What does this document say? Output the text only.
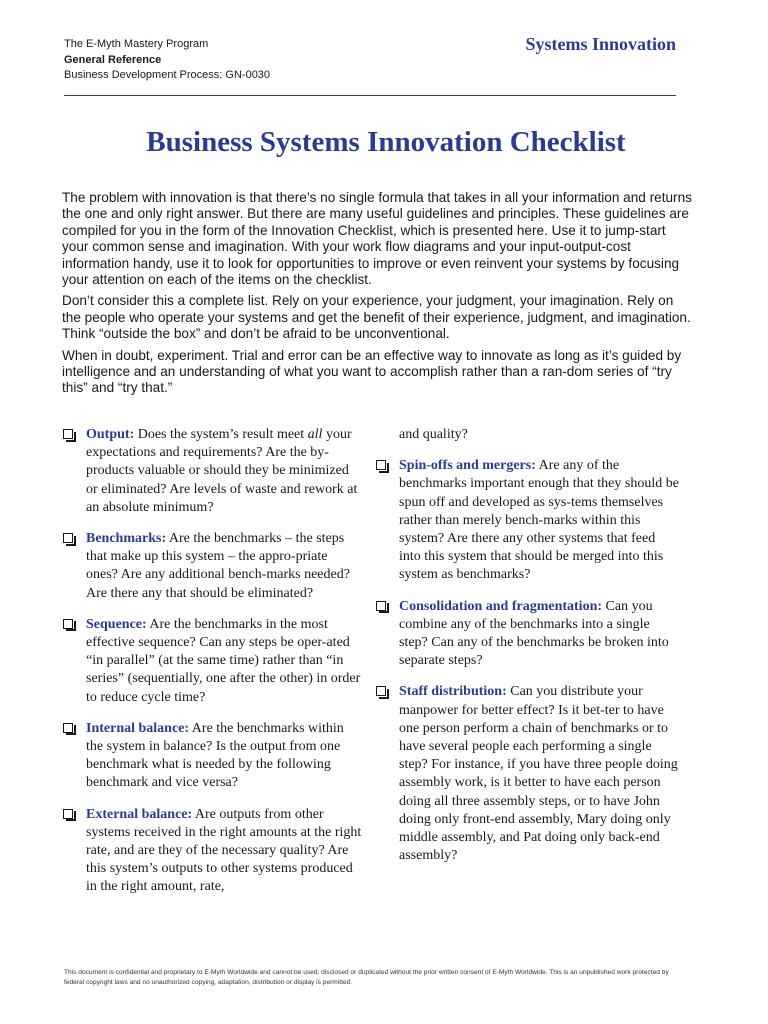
The E-Myth Mastery Program
General Reference
Business Development Process: GN-0030
Systems Innovation
Business Systems Innovation Checklist

The problem with innovation is that there’s no single formula that takes in all your information and returns the one and only right answer. But there are many useful guidelines and principles. These guidelines are compiled for you in the form of the Innovation Checklist, which is presented here. Use it to jump-start your common sense and imagination. With your work flow diagrams and your input-output-cost information handy, use it to look for opportunities to improve or even reinvent your systems by focusing your attention on each of the items on the checklist.

Don’t consider this a complete list. Rely on your experience, your judgment, your imagination. Rely on the people who operate your systems and get the benefit of their experience, judgment, and imagination. Think “outside the box” and don’t be afraid to be unconventional.

When in doubt, experiment. Trial and error can be an effective way to innovate as long as it’s guided by intelligence and an understanding of what you want to accomplish rather than a ran-dom series of “try this” and “try that.”

Output: Does the system’s result meet all your expectations and requirements? Are the by-products valuable or should they be minimized or eliminated? Are levels of waste and rework at an absolute minimum?
Benchmarks: Are the benchmarks – the steps that make up this system – the appro-priate ones? Are any additional bench-marks needed? Are there any that should be eliminated?
Sequence: Are the benchmarks in the most effective sequence? Can any steps be oper-ated “in parallel” (at the same time) rather than “in series” (sequentially, one after the other) in order to reduce cycle time?
Internal balance: Are the benchmarks within the system in balance? Is the output from one benchmark what is needed by the following benchmark and vice versa?
External balance: Are outputs from other systems received in the right amounts at the right rate, and are they of the necessary quality? Are this system’s outputs to other systems produced in the right amount, rate,
and quality?
Spin-offs and mergers: Are any of the benchmarks important enough that they should be spun off and developed as sys-tems themselves rather than merely bench-marks within this system? Are there any other systems that feed into this system that should be merged into this system as benchmarks?
Consolidation and fragmentation: Can you combine any of the benchmarks into a single step? Can any of the benchmarks be broken into separate steps?
Staff distribution: Can you distribute your manpower for better effect? Is it bet-ter to have one person perform a chain of benchmarks or to have several people each performing a single step? For instance, if you have three people doing assembly work, is it better to have each person doing all three assembly steps, or to have John doing only front-end assembly, Mary doing only middle assembly, and Pat doing only back-end assembly?
This document is confidential and proprietary to E-Myth Worldwide and cannot be used, disclosed or duplicated without the prior written consent of E-Myth Worldwide. This is an unpublished work protected by federal copyright laws and no unauthorized copying, adaptation, distribution or display is permitted.
